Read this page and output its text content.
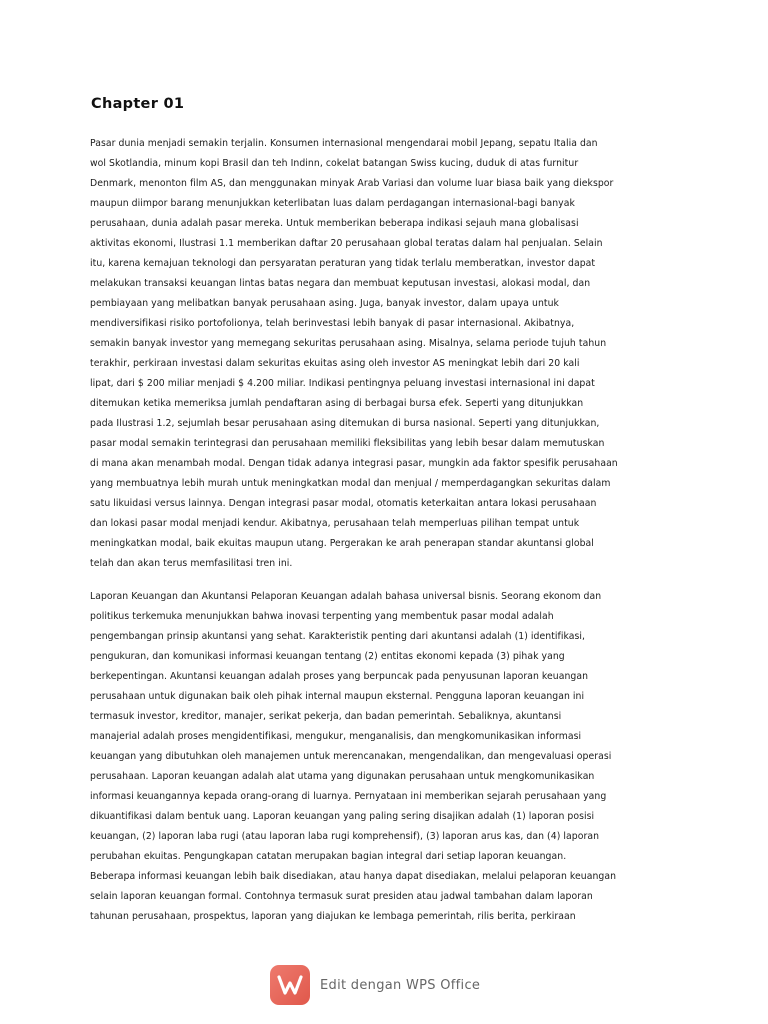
Chapter 01
Pasar dunia menjadi semakin terjalin. Konsumen internasional mengendarai mobil Jepang, sepatu Italia dan
wol Skotlandia, minum kopi Brasil dan teh Indinn, cokelat batangan Swiss kucing, duduk di atas furnitur
Denmark, menonton film AS, dan menggunakan minyak Arab Variasi dan volume luar biasa baik yang diekspor
maupun diimpor barang menunjukkan keterlibatan luas dalam perdagangan internasional-bagi banyak
perusahaan, dunia adalah pasar mereka. Untuk memberikan beberapa indikasi sejauh mana globalisasi
aktivitas ekonomi, Ilustrasi 1.1 memberikan daftar 20 perusahaan global teratas dalam hal penjualan. Selain
itu, karena kemajuan teknologi dan persyaratan peraturan yang tidak terlalu memberatkan, investor dapat
melakukan transaksi keuangan lintas batas negara dan membuat keputusan investasi, alokasi modal, dan
pembiayaan yang melibatkan banyak perusahaan asing. Juga, banyak investor, dalam upaya untuk
mendiversifikasi risiko portofolionya, telah berinvestasi lebih banyak di pasar internasional. Akibatnya,
semakin banyak investor yang memegang sekuritas perusahaan asing. Misalnya, selama periode tujuh tahun
terakhir, perkiraan investasi dalam sekuritas ekuitas asing oleh investor AS meningkat lebih dari 20 kali
lipat, dari $ 200 miliar menjadi $ 4.200 miliar. Indikasi pentingnya peluang investasi internasional ini dapat
ditemukan ketika memeriksa jumlah pendaftaran asing di berbagai bursa efek. Seperti yang ditunjukkan
pada Ilustrasi 1.2, sejumlah besar perusahaan asing ditemukan di bursa nasional. Seperti yang ditunjukkan,
pasar modal semakin terintegrasi dan perusahaan memiliki fleksibilitas yang lebih besar dalam memutuskan
di mana akan menambah modal. Dengan tidak adanya integrasi pasar, mungkin ada faktor spesifik perusahaan
yang membuatnya lebih murah untuk meningkatkan modal dan menjual / memperdagangkan sekuritas dalam
satu likuidasi versus lainnya. Dengan integrasi pasar modal, otomatis keterkaitan antara lokasi perusahaan
dan lokasi pasar modal menjadi kendur. Akibatnya, perusahaan telah memperluas pilihan tempat untuk
meningkatkan modal, baik ekuitas maupun utang. Pergerakan ke arah penerapan standar akuntansi global
telah dan akan terus memfasilitasi tren ini.
Laporan Keuangan dan Akuntansi Pelaporan Keuangan adalah bahasa universal bisnis. Seorang ekonom dan
politikus terkemuka menunjukkan bahwa inovasi terpenting yang membentuk pasar modal adalah
pengembangan prinsip akuntansi yang sehat. Karakteristik penting dari akuntansi adalah (1) identifikasi,
pengukuran, dan komunikasi informasi keuangan tentang (2) entitas ekonomi kepada (3) pihak yang
berkepentingan. Akuntansi keuangan adalah proses yang berpuncak pada penyusunan laporan keuangan
perusahaan untuk digunakan baik oleh pihak internal maupun eksternal. Pengguna laporan keuangan ini
termasuk investor, kreditor, manajer, serikat pekerja, dan badan pemerintah. Sebaliknya, akuntansi
manajerial adalah proses mengidentifikasi, mengukur, menganalisis, dan mengkomunikasikan informasi
keuangan yang dibutuhkan oleh manajemen untuk merencanakan, mengendalikan, dan mengevaluasi operasi
perusahaan. Laporan keuangan adalah alat utama yang digunakan perusahaan untuk mengkomunikasikan
informasi keuangannya kepada orang-orang di luarnya. Pernyataan ini memberikan sejarah perusahaan yang
dikuantifikasi dalam bentuk uang. Laporan keuangan yang paling sering disajikan adalah (1) laporan posisi
keuangan, (2) laporan laba rugi (atau laporan laba rugi komprehensif), (3) laporan arus kas, dan (4) laporan
perubahan ekuitas. Pengungkapan catatan merupakan bagian integral dari setiap laporan keuangan.
Beberapa informasi keuangan lebih baik disediakan, atau hanya dapat disediakan, melalui pelaporan keuangan
selain laporan keuangan formal. Contohnya termasuk surat presiden atau jadwal tambahan dalam laporan
tahunan perusahaan, prospektus, laporan yang diajukan ke lembaga pemerintah, rilis berita, perkiraan
Edit dengan WPS Office
